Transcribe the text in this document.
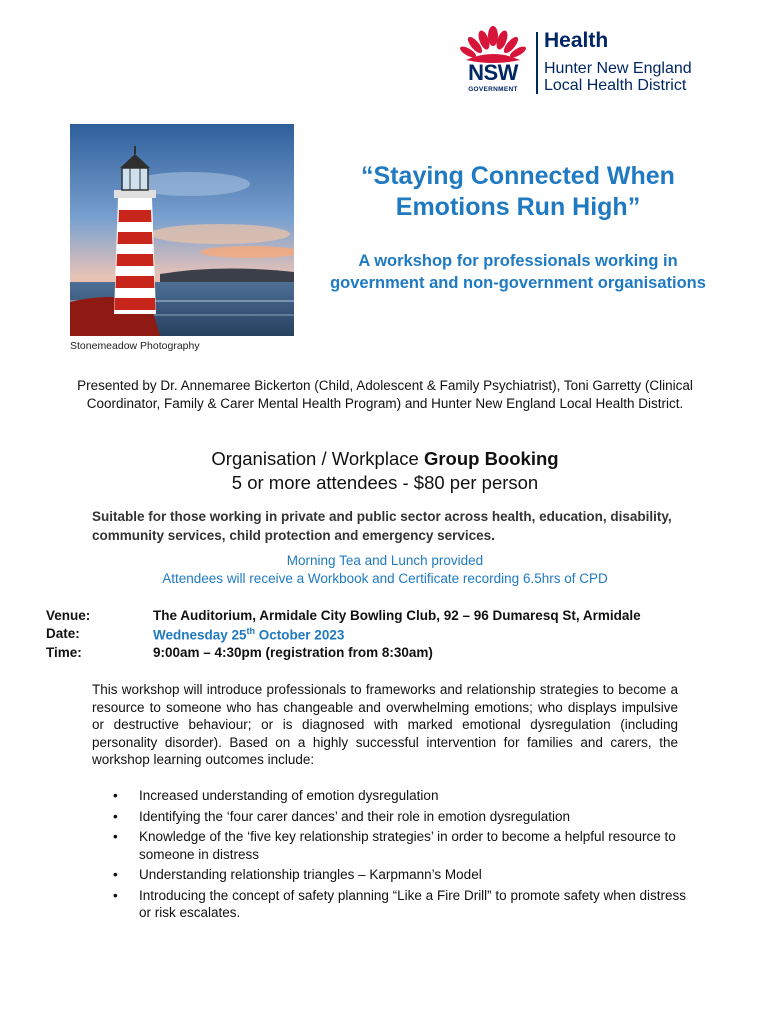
NSW
GOVERNMENT
Health
Hunter New England
Local Health District
Stonemeadow Photography
“Staying Connected When Emotions Run High”
A workshop for professionals working in government and non-government organisations
Presented by Dr. Annemaree Bickerton (Child, Adolescent & Family Psychiatrist), Toni Garretty (Clinical Coordinator, Family & Carer Mental Health Program) and Hunter New England Local Health District.
Organisation / Workplace Group Booking
5 or more attendees - $80 per person
Suitable for those working in private and public sector across health, education, disability, community services, child protection and emergency services.
Morning Tea and Lunch provided
Attendees will receive a Workbook and Certificate recording 6.5hrs of CPD
Venue:	The Auditorium, Armidale City Bowling Club, 92 – 96 Dumaresq St, Armidale
Date:	Wednesday 25th October 2023
Time:	9:00am – 4:30pm (registration from 8:30am)
This workshop will introduce professionals to frameworks and relationship strategies to become a resource to someone who has changeable and overwhelming emotions; who displays impulsive or destructive behaviour; or is diagnosed with marked emotional dysregulation (including personality disorder). Based on a highly successful intervention for families and carers, the workshop learning outcomes include:
• Increased understanding of emotion dysregulation
• Identifying the ‘four carer dances’ and their role in emotion dysregulation
• Knowledge of the ‘five key relationship strategies’ in order to become a helpful resource to someone in distress
• Understanding relationship triangles – Karpmann’s Model
• Introducing the concept of safety planning “Like a Fire Drill” to promote safety when distress or risk escalates.
